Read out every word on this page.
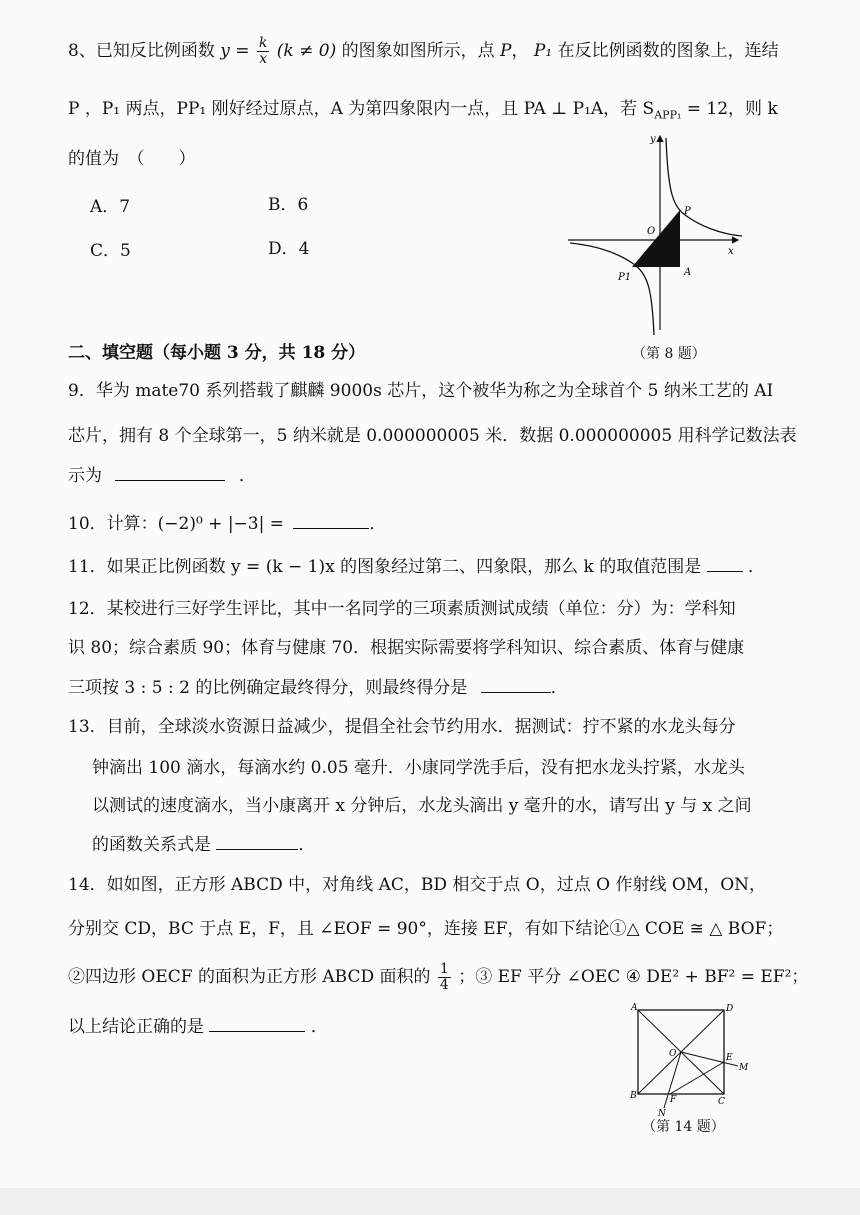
8、已知反比例函数 $y = \frac{k}{x} (k \ne 0)$ 的图象如图所示，点 P， P₁ 在反比例函数的图象上，连结
P ，P₁ 两点，PP₁ 刚好经过原点，A 为第四象限内一点，且 PA ⊥ P₁A，若 $S_{APP_1} = 12$，则 k
的值为　（　　）
A．7	B．6
C．5	D．4
y
x
O
P
P1	A
（第 8 题）
二、填空题（每小题 3 分，共 18 分）
9．华为 mate70 系列搭载了麒麟 9000s 芯片，这个被华为称之为全球首个 5 纳米工艺的 AI
芯片，拥有 8 个全球第一，5 纳米就是 0.000000005 米．数据 0.000000005 用科学记数法表
示为	．
10．计算：(−2)⁰ + |−3| =	．
11．如果正比例函数 y = (k − 1)x 的图象经过第二、四象限，那么 k 的取值范围是	．
12．某校进行三好学生评比，其中一名同学的三项素质测试成绩（单位：分）为：学科知
识 80；综合素质 90；体育与健康 70．根据实际需要将学科知识、综合素质、体育与健康
三项按 3 : 5 : 2 的比例确定最终得分，则最终得分是	．
13．目前，全球淡水资源日益减少，提倡全社会节约用水．据测试：拧不紧的水龙头每分
钟滴出 100 滴水，每滴水约 0.05 毫升．小康同学洗手后，没有把水龙头拧紧，水龙头
以测试的速度滴水，当小康离开 x 分钟后，水龙头滴出 y 毫升的水，请写出 y 与 x 之间
的函数关系式是	．
14．如如图，正方形 ABCD 中，对角线 AC，BD 相交于点 O，过点 O 作射线 OM，ON，
分别交 CD，BC 于点 E，F，且 ∠EOF = 90°，连接 EF，有如下结论①△ COE ≅ △ BOF；
②四边形 OECF 的面积为正方形 ABCD 面积的 $\frac{1}{4}$ ；③ EF 平分 ∠OEC ④ DE² + BF² = EF²；
以上结论正确的是	．
A	D
B
C
O	E
M
F
N
（第 14 题）
